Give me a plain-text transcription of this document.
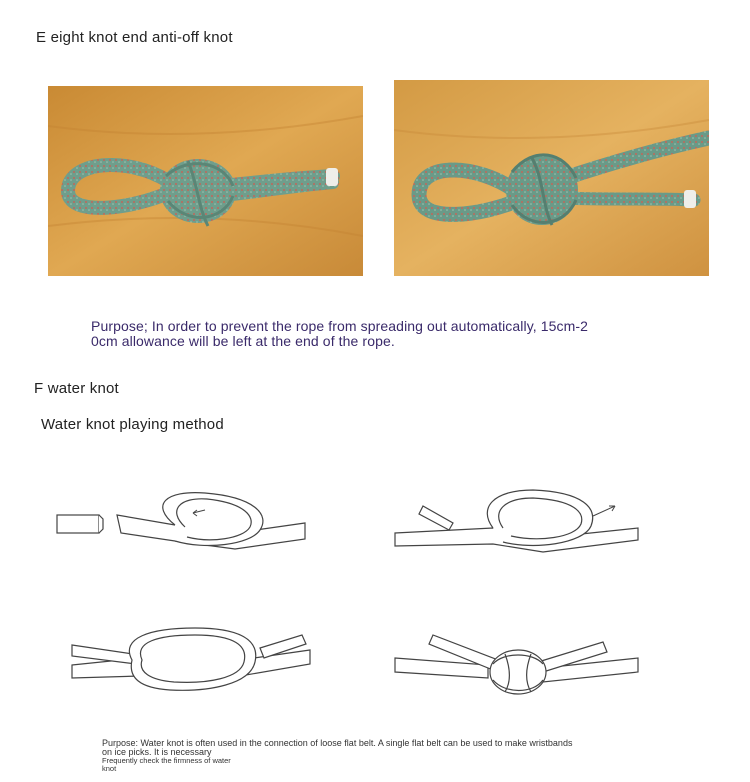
E eight knot end anti-off knot
Purpose; In order to prevent the rope from spreading out automatically, 15cm-2
0cm allowance will be left at the end of the rope.
F water knot
Water knot playing method
Purpose: Water knot is often used in the connection of loose flat belt. A single flat belt can be used to make wristbands
on ice picks. It is necessary
Frequently check the firmness of water
knot
